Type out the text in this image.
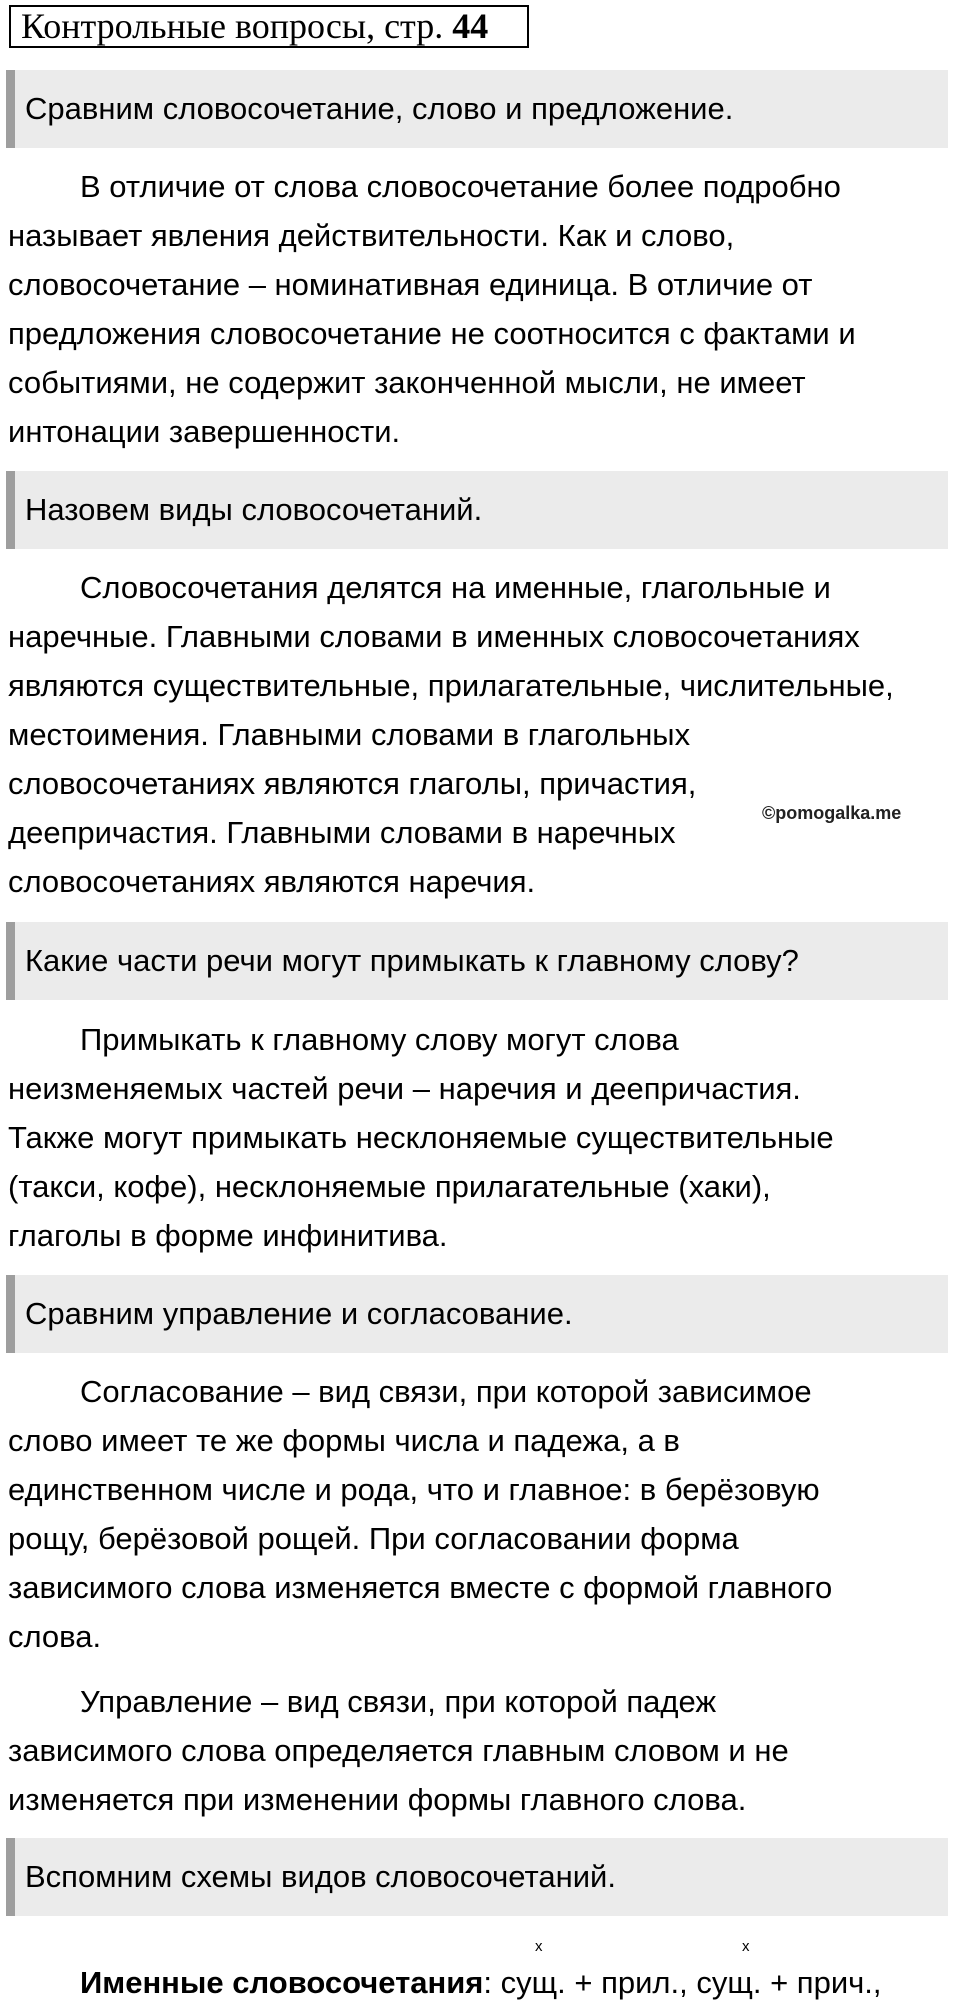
Контрольные вопросы, стр. 44
Сравним словосочетание, слово и предложение.
В отличие от слова словосочетание более подробно
называет явления действительности. Как и слово,
словосочетание – номинативная единица. В отличие от
предложения словосочетание не соотносится с фактами и
событиями, не содержит законченной мысли, не имеет
интонации завершенности.
Назовем виды словосочетаний.
Словосочетания делятся на именные, глагольные и
наречные. Главными словами в именных словосочетаниях
являются существительные, прилагательные, числительные,
местоимения. Главными словами в глагольных
словосочетаниях являются глаголы, причастия,
деепричастия. Главными словами в наречных
словосочетаниях являются наречия.
©pomogalka.me
Какие части речи могут примыкать к главному слову?
Примыкать к главному слову могут слова
неизменяемых частей речи – наречия и деепричастия.
Также могут примыкать несклоняемые существительные
(такси, кофе), несклоняемые прилагательные (хаки),
глаголы в форме инфинитива.
Сравним управление и согласование.
Согласование – вид связи, при которой зависимое
слово имеет те же формы числа и падежа, а в
единственном числе и рода, что и главное: в берёзовую
рощу, берёзовой рощей. При согласовании форма
зависимого слова изменяется вместе с формой главного
слова.
Управление – вид связи, при которой падеж
зависимого слова определяется главным словом и не
изменяется при изменении формы главного слова.
Вспомним схемы видов словосочетаний.
x	x
Именные словосочетания: сущ. + прил., сущ. + прич.,
